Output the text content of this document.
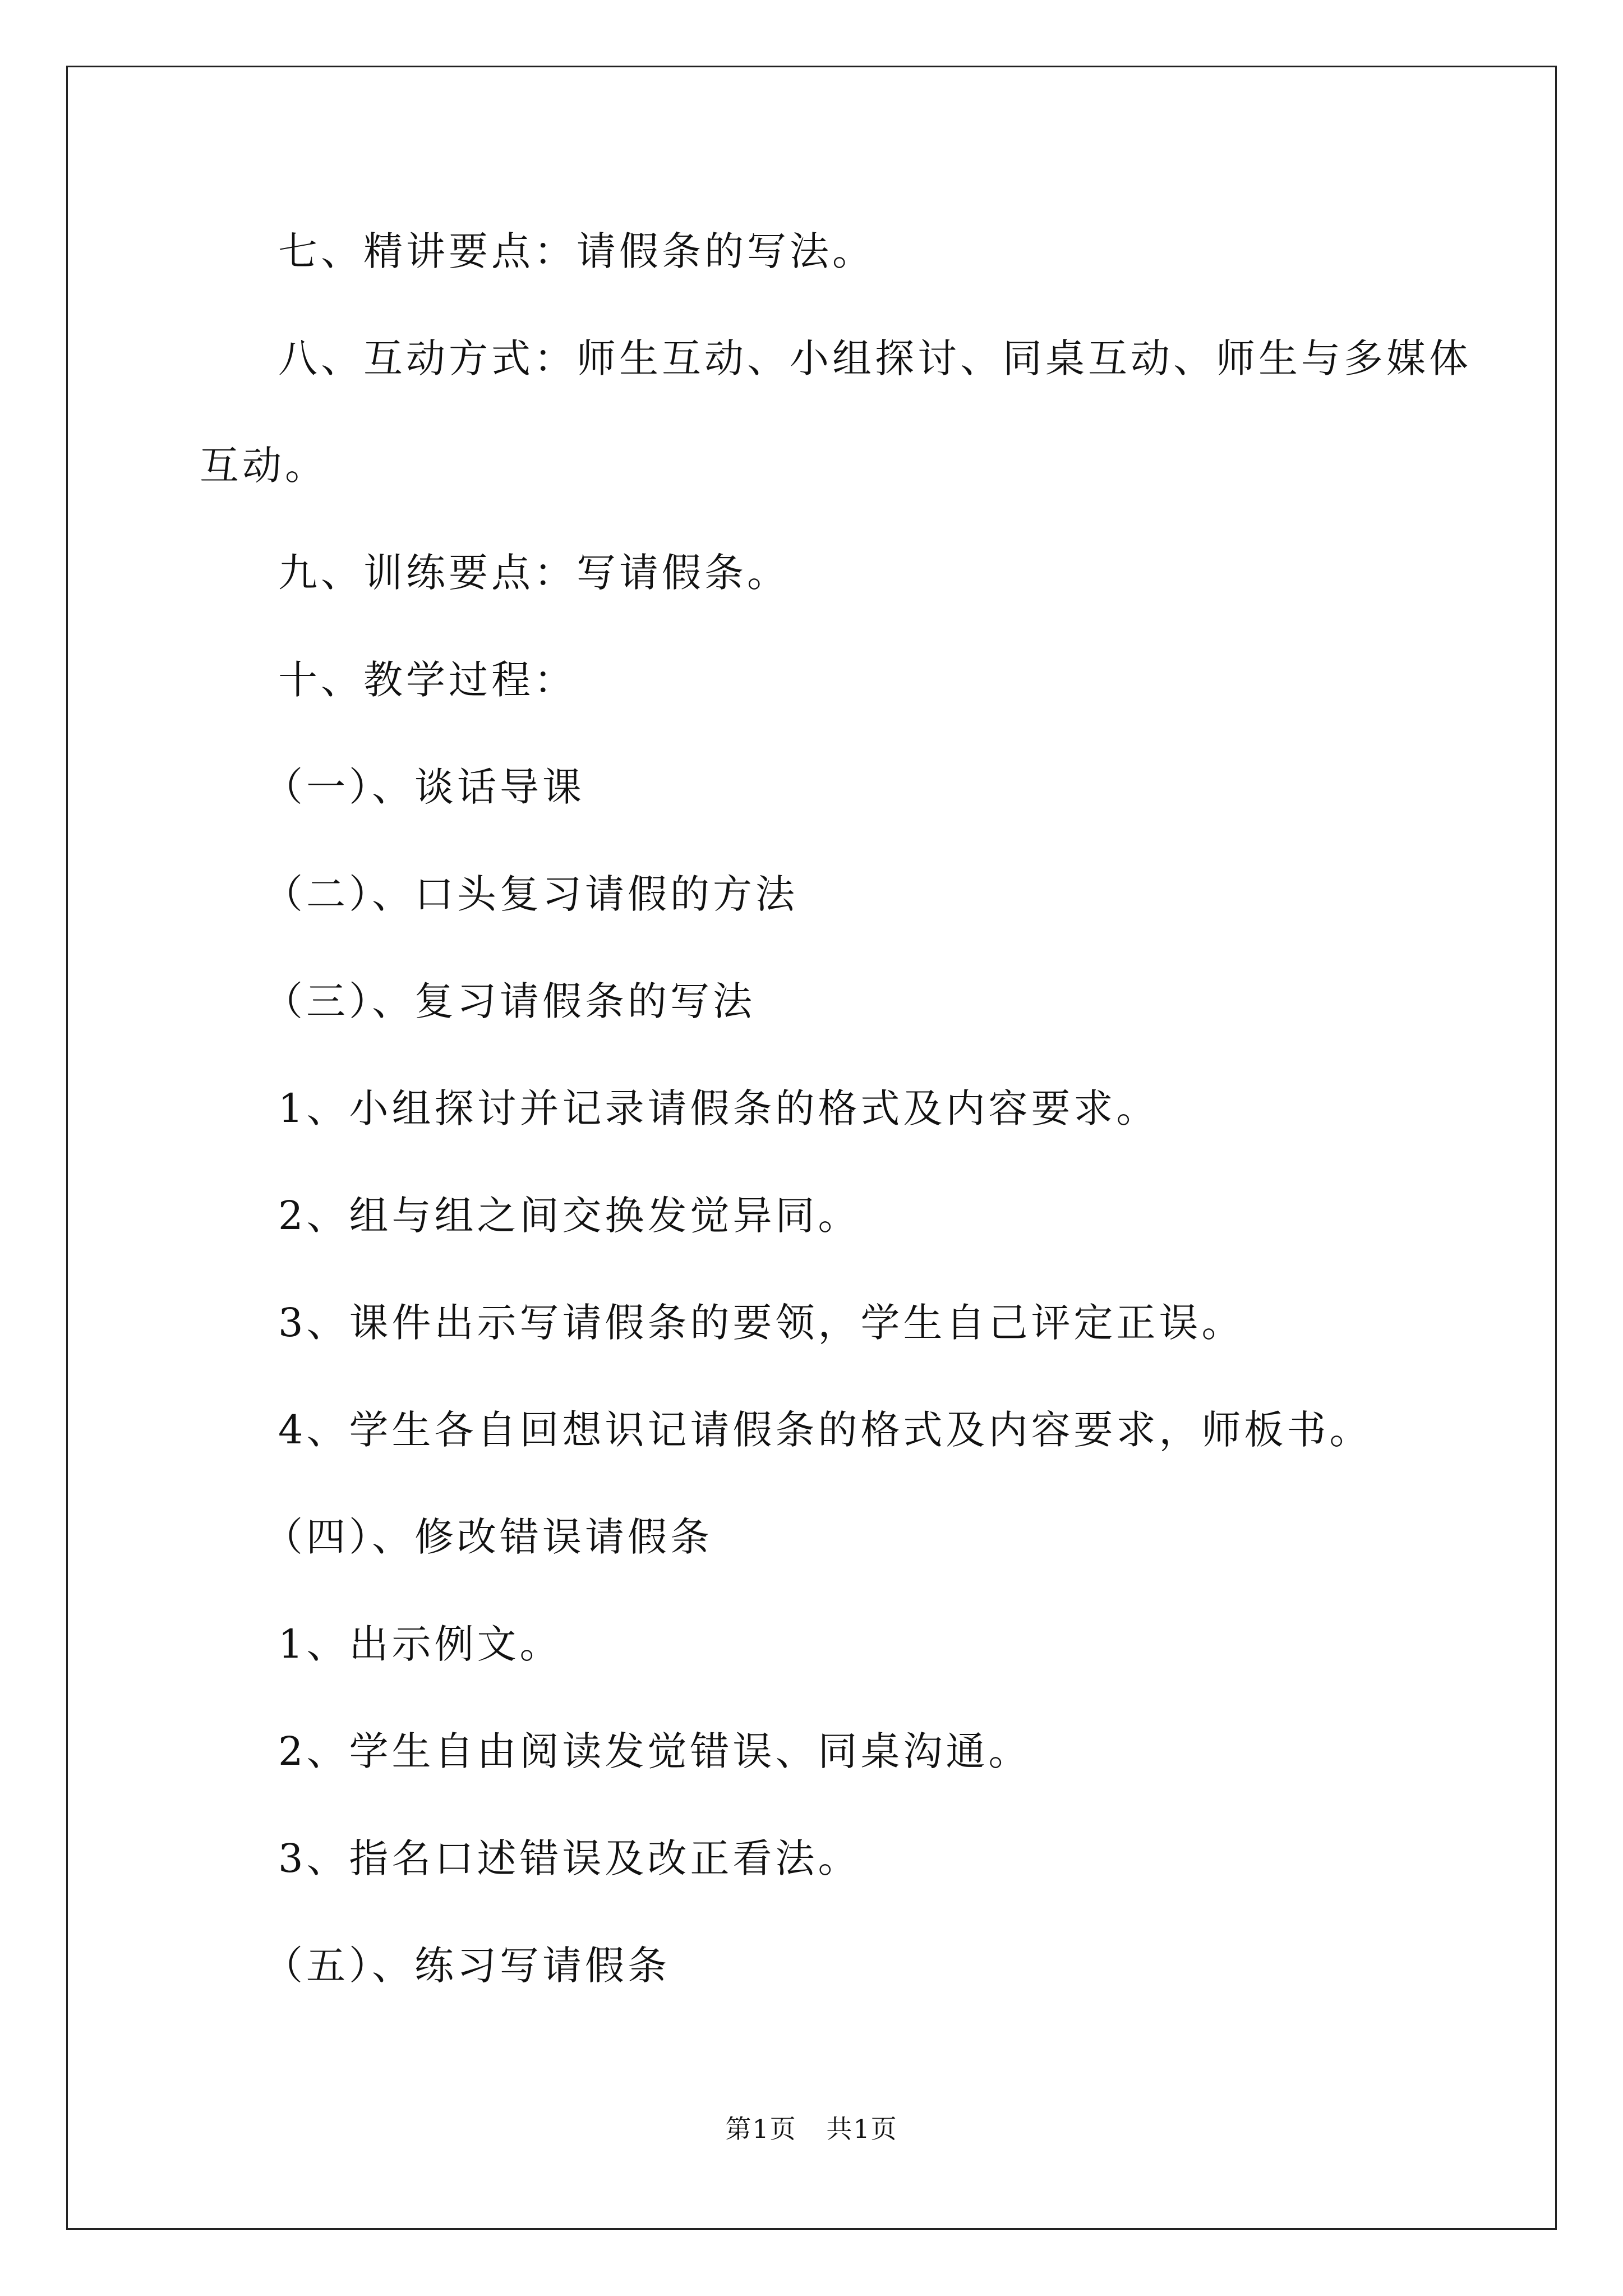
七、精讲要点：请假条的写法。
八、互动方式：师生互动、小组探讨、同桌互动、师生与多媒体
互动。
九、训练要点：写请假条。
十、教学过程：
（一）、谈话导课
（二）、口头复习请假的方法
（三）、复习请假条的写法
1、小组探讨并记录请假条的格式及内容要求。
2、组与组之间交换发觉异同。
3、课件出示写请假条的要领，学生自己评定正误。
4、学生各自回想识记请假条的格式及内容要求，师板书。
（四）、修改错误请假条
1、出示例文。
2、学生自由阅读发觉错误、同桌沟通。
3、指名口述错误及改正看法。
（五）、练习写请假条
第1页 共1页
